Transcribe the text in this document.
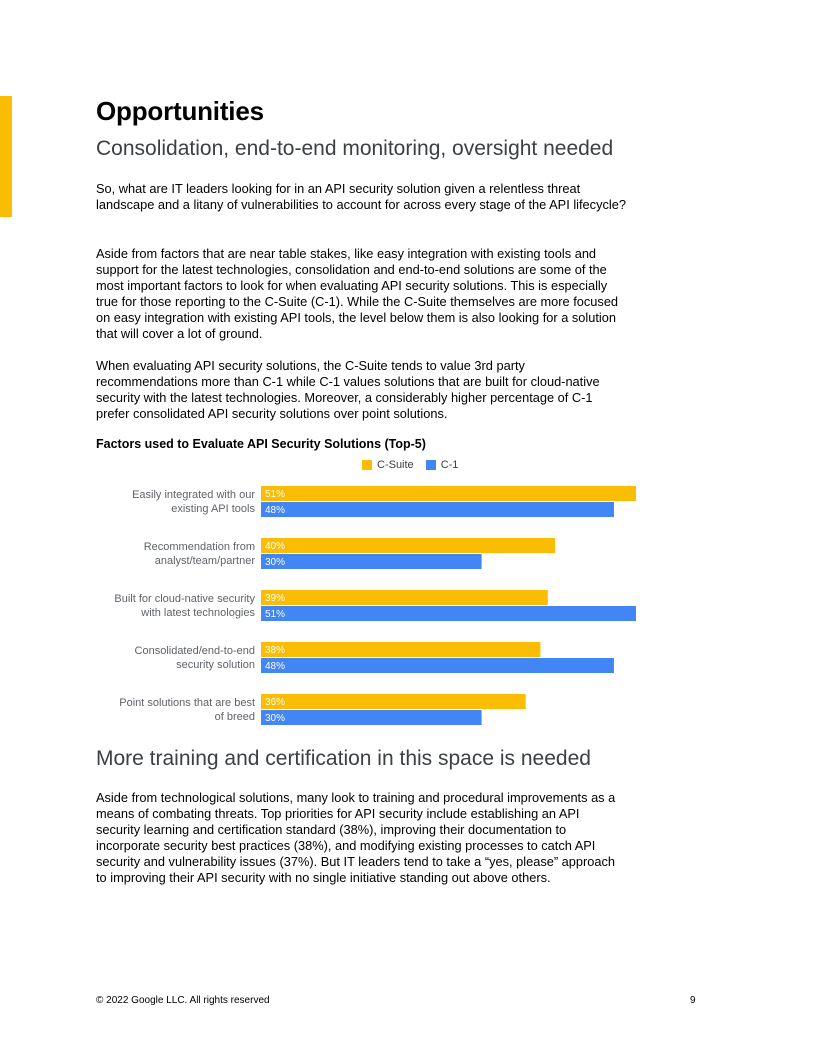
Opportunities
Consolidation, end-to-end monitoring, oversight needed

So, what are IT leaders looking for in an API security solution given a relentless threat landscape and a litany of vulnerabilities to account for across every stage of the API lifecycle?

Aside from factors that are near table stakes, like easy integration with existing tools and support for the latest technologies, consolidation and end-to-end solutions are some of the most important factors to look for when evaluating API security solutions. This is especially true for those reporting to the C-Suite (C-1). While the C-Suite themselves are more focused on easy integration with existing API tools, the level below them is also looking for a solution that will cover a lot of ground.

When evaluating API security solutions, the C-Suite tends to value 3rd party recommendations more than C-1 while C-1 values solutions that are built for cloud-native security with the latest technologies. Moreover, a considerably higher percentage of C-1 prefer consolidated API security solutions over point solutions.

Factors used to Evaluate API Security Solutions (Top-5)
C-Suite C-1
Easily integrated with our existing API tools
51%
48%
Recommendation from analyst/team/partner
40%
30%
Built for cloud-native security with latest technologies
39%
51%
Consolidated/end-to-end security solution
38%
48%
Point solutions that are best of breed
36%
30%
More training and certification in this space is needed

Aside from technological solutions, many look to training and procedural improvements as a means of combating threats. Top priorities for API security include establishing an API security learning and certification standard (38%), improving their documentation to incorporate security best practices (38%), and modifying existing processes to catch API security and vulnerability issues (37%). But IT leaders tend to take a “yes, please” approach to improving their API security with no single initiative standing out above others.

© 2022 Google LLC. All rights reserved	9
